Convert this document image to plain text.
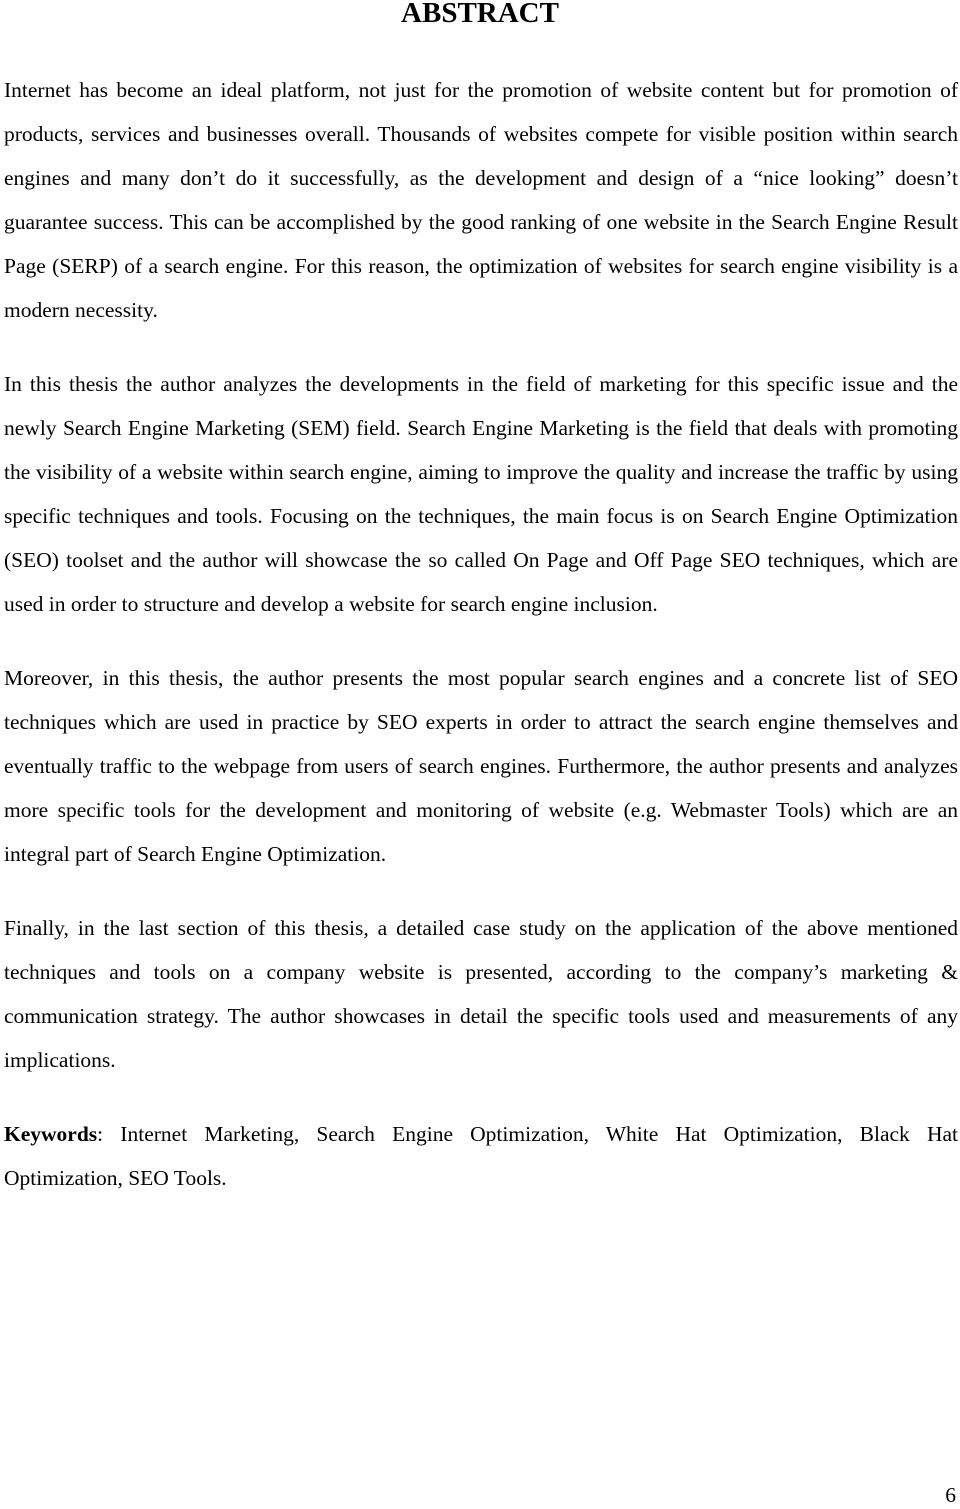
ABSTRACT

Internet has become an ideal platform, not just for the promotion of website content but for promotion of products, services and businesses overall. Thousands of websites compete for visible position within search engines and many don’t do it successfully, as the development and design of a “nice looking” doesn’t guarantee success. This can be accomplished by the good ranking of one website in the Search Engine Result Page (SERP) of a search engine. For this reason, the optimization of websites for search engine visibility is a modern necessity.

In this thesis the author analyzes the developments in the field of marketing for this specific issue and the newly Search Engine Marketing (SEM) field. Search Engine Marketing is the field that deals with promoting the visibility of a website within search engine, aiming to improve the quality and increase the traffic by using specific techniques and tools. Focusing on the techniques, the main focus is on Search Engine Optimization (SEO) toolset and the author will showcase the so called On Page and Off Page SEO techniques, which are used in order to structure and develop a website for search engine inclusion.

Moreover, in this thesis, the author presents the most popular search engines and a concrete list of SEO techniques which are used in practice by SEO experts in order to attract the search engine themselves and eventually traffic to the webpage from users of search engines. Furthermore, the author presents and analyzes more specific tools for the development and monitoring of website (e.g. Webmaster Tools) which are an integral part of Search Engine Optimization.

Finally, in the last section of this thesis, a detailed case study on the application of the above mentioned techniques and tools on a company website is presented, according to the company’s marketing & communication strategy. The author showcases in detail the specific tools used and measurements of any implications.

Keywords: Internet Marketing, Search Engine Optimization, White Hat Optimization, Black Hat Optimization, SEO Tools.

6
